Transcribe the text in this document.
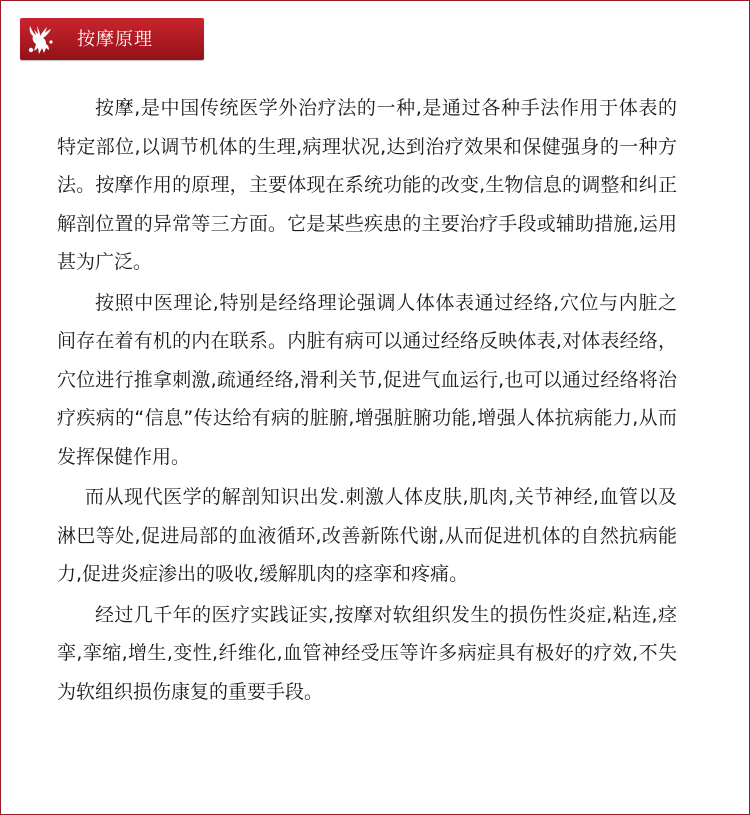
按摩原理

按摩,是中国传统医学外治疗法的一种,是通过各种手法作用于体表的特定部位,以调节机体的生理,病理状况,达到治疗效果和保健强身的一种方法。按摩作用的原理，主要体现在系统功能的改变,生物信息的调整和纠正解剖位置的异常等三方面。它是某些疾患的主要治疗手段或辅助措施,运用甚为广泛。

按照中医理论,特别是经络理论强调人体体表通过经络,穴位与内脏之间存在着有机的内在联系。内脏有病可以通过经络反映体表,对体表经络，穴位进行推拿刺激,疏通经络,滑利关节,促进气血运行,也可以通过经络将治疗疾病的“信息”传达给有病的脏腑,增强脏腑功能,增强人体抗病能力,从而发挥保健作用。

而从现代医学的解剖知识出发.刺激人体皮肤,肌肉,关节神经,血管以及淋巴等处,促进局部的血液循环,改善新陈代谢,从而促进机体的自然抗病能力,促进炎症渗出的吸收,缓解肌肉的痉挛和疼痛。

经过几千年的医疗实践证实,按摩对软组织发生的损伤性炎症,粘连,痉挛,挛缩,增生,变性,纤维化,血管神经受压等许多病症具有极好的疗效,不失为软组织损伤康复的重要手段。
